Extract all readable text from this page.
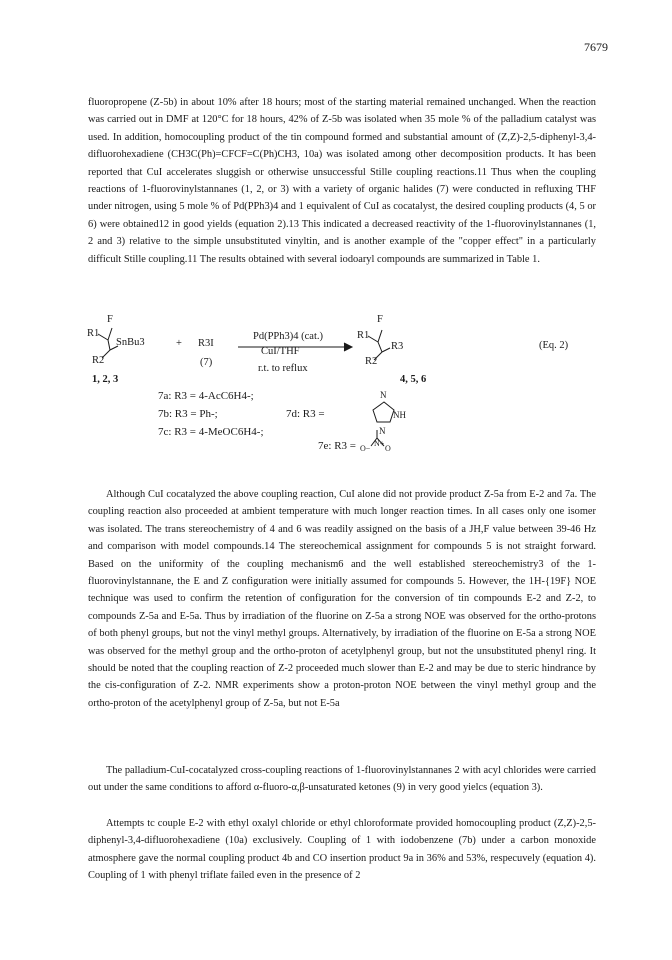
7679

fluoropropene (Z-5b) in about 10% after 18 hours; most of the starting material remained unchanged. When the reaction was carried out in DMF at 120°C for 18 hours, 42% of Z-5b was isolated when 35 mole % of the palladium catalyst was used. In addition, homocoupling product of the tin compound formed and substantial amount of (Z,Z)-2,5-diphenyl-3,4-difluorohexadiene (CH3C(Ph)=CFCF=C(Ph)CH3, 10a) was isolated among other decomposition products. It has been reported that CuI accelerates sluggish or otherwise unsuccessful Stille coupling reactions.11 Thus when the coupling reactions of 1-fluorovinylstannanes (1, 2, or 3) with a variety of organic halides (7) were conducted in refluxing THF under nitrogen, using 5 mole % of Pd(PPh3)4 and 1 equivalent of CuI as cocatalyst, the desired coupling products (4, 5 or 6) were obtained12 in good yields (equation 2).13 This indicated a decreased reactivity of the 1-fluorovinylstannanes (1, 2 and 3) relative to the simple unsubstituted vinyltin, and is another example of the "copper effect" in a particularly difficult Stille coupling.11 The results obtained with several iodoaryl compounds are summarized in Table 1.

F
R1
SnBu3
R2
1, 2, 3
+ R3I
(7)
Pd(PPh3)4 (cat.)
CuI/THF
r.t. to reflux
F
R1
R3
R2
4, 5, 6
(Eq. 2)
7a: R3 = 4-AcC6H4-;
7b: R3 = Ph-;
7c: R3 = 4-MeOC6H4-;
7d: R3 =
7e: R3 =
N
NH
N
N+
O− O

Although CuI cocatalyzed the above coupling reaction, CuI alone did not provide product Z-5a from E-2 and 7a. The coupling reaction also proceeded at ambient temperature with much longer reaction times. In all cases only one isomer was isolated. The trans stereochemistry of 4 and 6 was readily assigned on the basis of a JH,F value between 39-46 Hz and comparison with model compounds.14 The stereochemical assignment for compounds 5 is not straight forward. Based on the uniformity of the coupling mechanism6 and the well established stereochemistry3 of the 1-fluorovinylstannane, the E and Z configuration were initially assumed for compounds 5. However, the 1H-{19F} NOE technique was used to confirm the retention of configuration for the conversion of tin compounds E-2 and Z-2, to compounds Z-5a and E-5a. Thus by irradiation of the fluorine on Z-5a a strong NOE was observed for the ortho-protons of both phenyl groups, but not the vinyl methyl groups. Alternatively, by irradiation of the fluorine on E-5a a strong NOE was observed for the methyl group and the ortho-proton of acetylphenyl group, but not the unsubstituted phenyl ring. It should be noted that the coupling reaction of Z-2 proceeded much slower than E-2 and may be due to steric hindrance by the cis-configuration of Z-2. NMR experiments show a proton-proton NOE between the vinyl methyl group and the ortho-proton of the acetylphenyl group of Z-5a, but not E-5a

The palladium-CuI-cocatalyzed cross-coupling reactions of 1-fluorovinylstannanes 2 with acyl chlorides were carried out under the same conditions to afford α-fluoro-α,β-unsaturated ketones (9) in very good yielcs (equation 3).

Attempts tc couple E-2 with ethyl oxalyl chloride or ethyl chloroformate provided homocoupling product (Z,Z)-2,5-diphenyl-3,4-difluorohexadiene (10a) exclusively. Coupling of 1 with iodobenzene (7b) under a carbon monoxide atmosphere gave the normal coupling product 4b and CO insertion product 9a in 36% and 53%, respecuvely (equation 4). Coupling of 1 with phenyl triflate failed even in the presence of 2
